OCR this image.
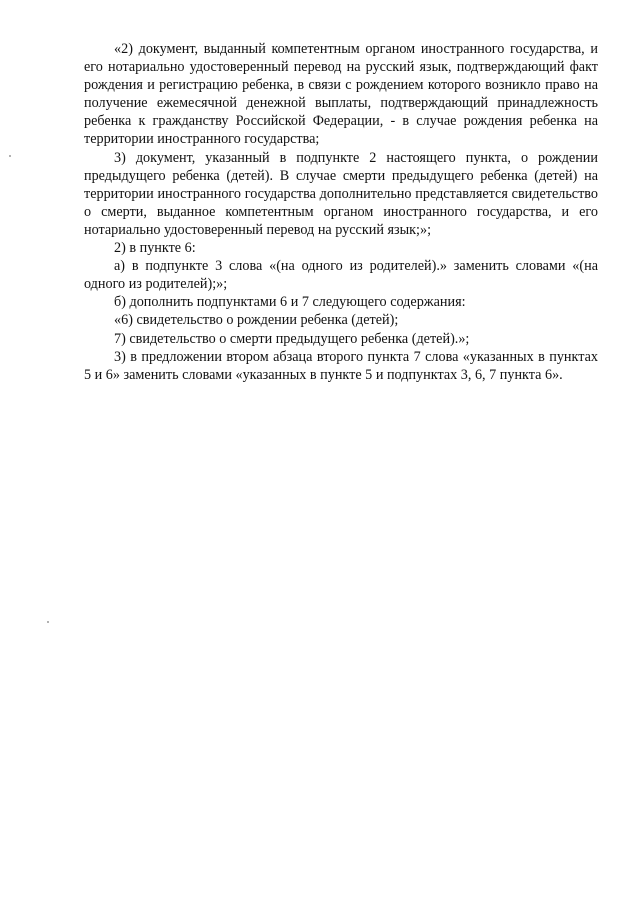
«2) документ, выданный компетентным органом иностранного государства, и его нотариально удостоверенный перевод на русский язык, подтверждающий факт рождения и регистрацию ребенка, в связи с рождением которого возникло право на получение ежемесячной денежной выплаты, подтверждающий принадлежность ребенка к гражданству Российской Федерации, - в случае рождения ребенка на территории иностранного государства;

3) документ, указанный в подпункте 2 настоящего пункта, о рождении предыдущего ребенка (детей). В случае смерти предыдущего ребенка (детей) на территории иностранного государства дополнительно представляется свидетельство о смерти, выданное компетентным органом иностранного государства, и его нотариально удостоверенный перевод на русский язык;»;

2) в пункте 6:

а) в подпункте 3 слова «(на одного из родителей).» заменить словами «(на одного из родителей);»;

б) дополнить подпунктами 6 и 7 следующего содержания:

«6) свидетельство о рождении ребенка (детей);

7) свидетельство о смерти предыдущего ребенка (детей).»;

3) в предложении втором абзаца второго пункта 7 слова «указанных в пунктах 5 и 6» заменить словами «указанных в пункте 5 и подпунктах 3, 6, 7 пункта 6».
